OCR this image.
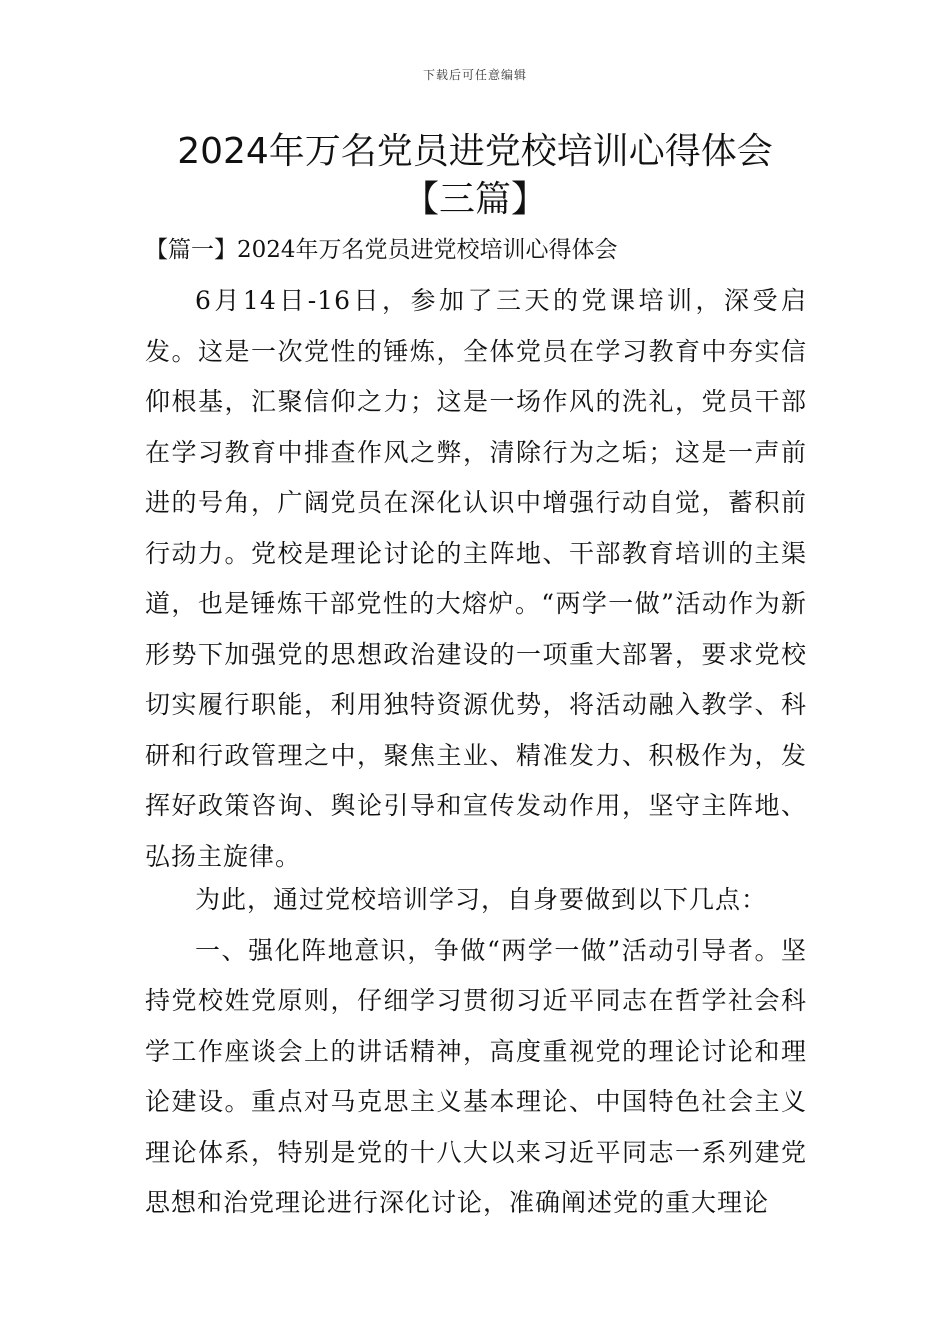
下载后可任意编辑
2024年万名党员进党校培训心得体会【三篇】
【篇一】2024年万名党员进党校培训心得体会

6月14日-16日，参加了三天的党课培训，深受启发。这是一次党性的锤炼，全体党员在学习教育中夯实信仰根基，汇聚信仰之力；这是一场作风的洗礼，党员干部在学习教育中排查作风之弊，清除行为之垢；这是一声前进的号角，广阔党员在深化认识中增强行动自觉，蓄积前行动力。党校是理论讨论的主阵地、干部教育培训的主渠道，也是锤炼干部党性的大熔炉。“两学一做”活动作为新形势下加强党的思想政治建设的一项重大部署，要求党校切实履行职能，利用独特资源优势，将活动融入教学、科研和行政管理之中，聚焦主业、精准发力、积极作为，发挥好政策咨询、舆论引导和宣传发动作用，坚守主阵地、弘扬主旋律。

为此，通过党校培训学习，自身要做到以下几点：

一、强化阵地意识，争做“两学一做”活动引导者。坚持党校姓党原则，仔细学习贯彻习近平同志在哲学社会科学工作座谈会上的讲话精神，高度重视党的理论讨论和理论建设。重点对马克思主义基本理论、中国特色社会主义理论体系，特别是党的十八大以来习近平同志一系列建党思想和治党理论进行深化讨论，准确阐述党的重大理论
